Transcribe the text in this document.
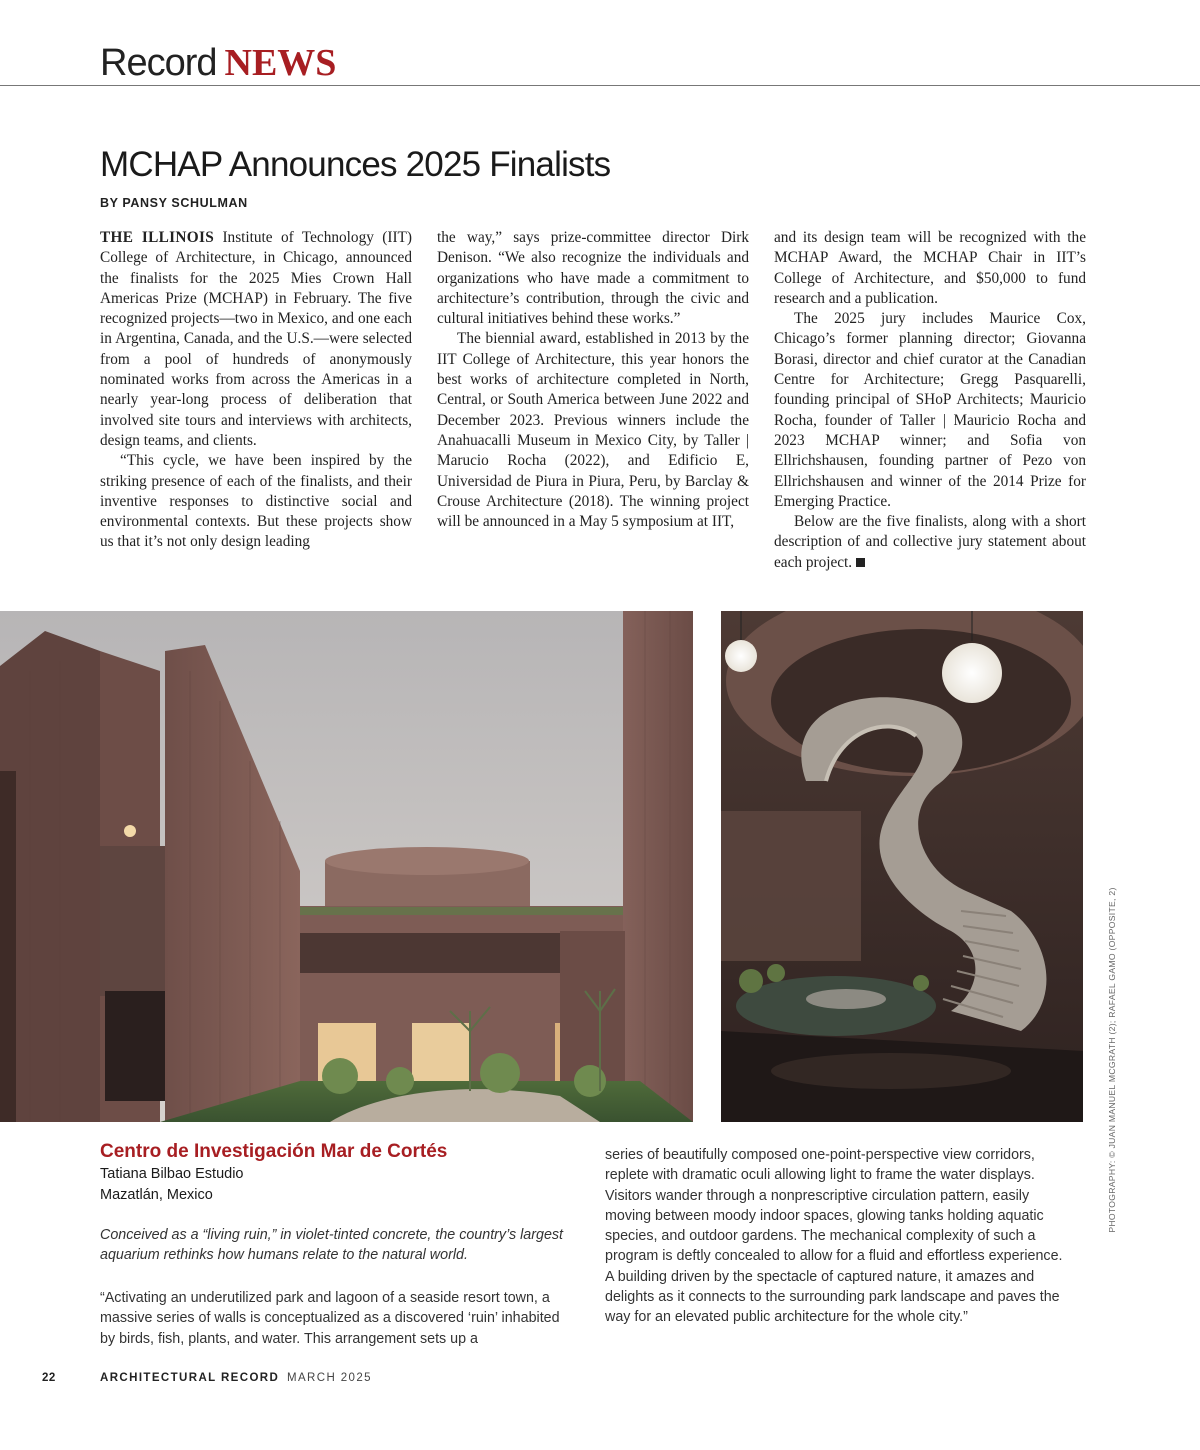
Record NEWS
MCHAP Announces 2025 Finalists
BY PANSY SCHULMAN

THE ILLINOIS Institute of Technology (IIT) College of Architecture, in Chicago, announced the finalists for the 2025 Mies Crown Hall Americas Prize (MCHAP) in February. The five recognized projects—two in Mexico, and one each in Argentina, Canada, and the U.S.—were selected from a pool of hundreds of anonymously nominated works from across the Americas in a nearly year-long process of deliberation that involved site tours and interviews with architects, design teams, and clients.

“This cycle, we have been inspired by the striking presence of each of the finalists, and their inventive responses to distinctive social and environmental contexts. But these projects show us that it’s not only design leading

the way,” says prize-committee director Dirk Denison. “We also recognize the individuals and organizations who have made a commitment to architecture’s contribution, through the civic and cultural initiatives behind these works.”

The biennial award, established in 2013 by the IIT College of Architecture, this year honors the best works of architecture completed in North, Central, or South America between June 2022 and December 2023. Previous winners include the Anahuacalli Museum in Mexico City, by Taller | Marucio Rocha (2022), and Edificio E, Universidad de Piura in Piura, Peru, by Barclay & Crouse Architecture (2018). The winning project will be announced in a May 5 symposium at IIT,

and its design team will be recognized with the MCHAP Award, the MCHAP Chair in IIT’s College of Architecture, and $50,000 to fund research and a publication.

The 2025 jury includes Maurice Cox, Chicago’s former planning director; Giovanna Borasi, director and chief curator at the Canadian Centre for Architecture; Gregg Pasquarelli, founding principal of SHoP Architects; Mauricio Rocha, founder of Taller | Mauricio Rocha and 2023 MCHAP winner; and Sofia von Ellrichshausen, founding partner of Pezo von Ellrichshausen and winner of the 2014 Prize for Emerging Practice.

Below are the five finalists, along with a short description of and collective jury statement about each project.

PHOTOGRAPHY: © JUAN MANUEL MCGRATH (2); RAFAEL GAMO (OPPOSITE, 2)
Centro de Investigación Mar de Cortés
Tatiana Bilbao Estudio
Mazatlán, Mexico
Conceived as a “living ruin,” in violet-tinted concrete, the country’s largest aquarium rethinks how humans relate to the natural world.
“Activating an underutilized park and lagoon of a seaside resort town, a massive series of walls is conceptualized as a discovered ‘ruin’ inhabited by birds, fish, plants, and water. This arrangement sets up a
series of beautifully composed one-point-perspective view corridors, replete with dramatic oculi allowing light to frame the water displays. Visitors wander through a nonprescriptive circulation pattern, easily moving between moody indoor spaces, glowing tanks holding aquatic species, and outdoor gardens. The mechanical complexity of such a program is deftly concealed to allow for a fluid and effortless experience. A building driven by the spectacle of captured nature, it amazes and delights as it connects to the surrounding park landscape and paves the way for an elevated public architecture for the whole city.”
22	ARCHITECTURAL RECORD MARCH 2025
